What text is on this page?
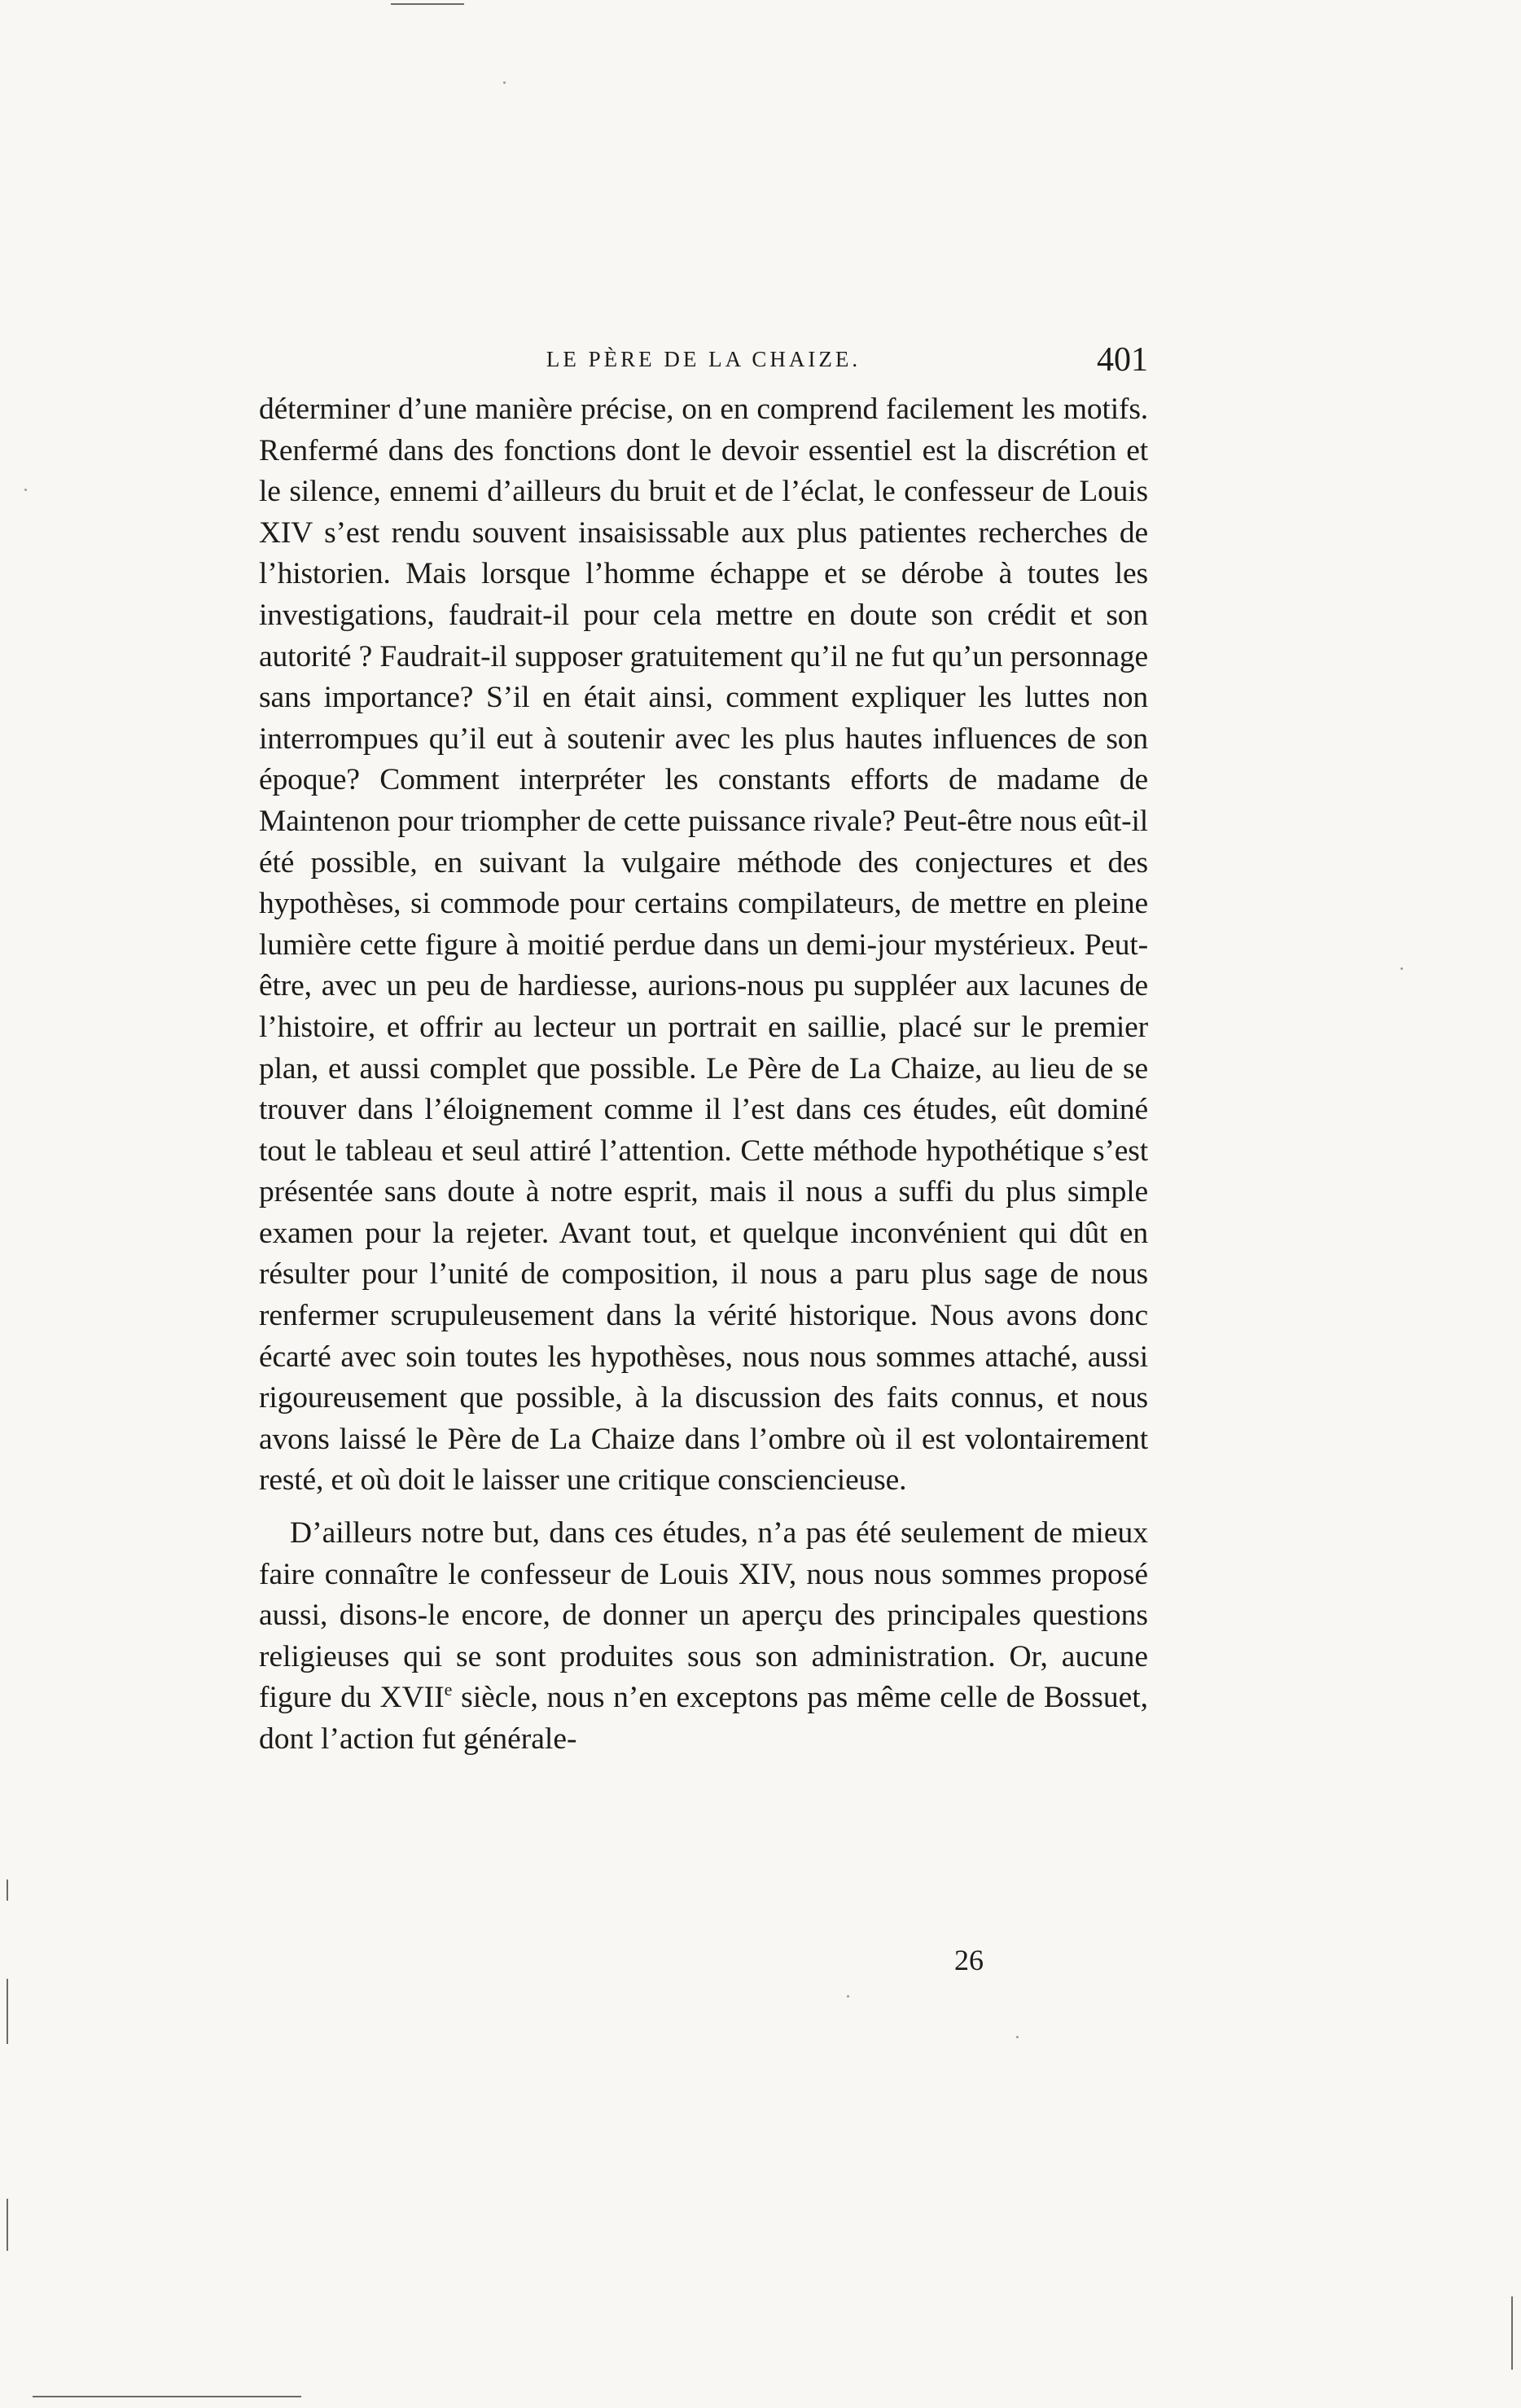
LE PÈRE DE LA CHAIZE.	401

déterminer d’une manière précise, on en comprend facilement les motifs. Renfermé dans des fonctions dont le devoir essentiel est la discrétion et le silence, ennemi d’ailleurs du bruit et de l’éclat, le confesseur de Louis XIV s’est rendu souvent insaisissable aux plus patientes recherches de l’historien. Mais lorsque l’homme échappe et se dérobe à toutes les investigations, faudrait-il pour cela mettre en doute son crédit et son autorité ? Faudrait-il supposer gratuitement qu’il ne fut qu’un personnage sans importance? S’il en était ainsi, comment expliquer les luttes non interrompues qu’il eut à soutenir avec les plus hautes influences de son époque? Comment interpréter les constants efforts de madame de Maintenon pour triompher de cette puissance rivale? Peut-être nous eût-il été possible, en suivant la vulgaire méthode des conjectures et des hypothèses, si commode pour certains compilateurs, de mettre en pleine lumière cette figure à moitié perdue dans un demi-jour mystérieux. Peut-être, avec un peu de hardiesse, aurions-nous pu suppléer aux lacunes de l’histoire, et offrir au lecteur un portrait en saillie, placé sur le premier plan, et aussi complet que possible. Le Père de La Chaize, au lieu de se trouver dans l’éloignement comme il l’est dans ces études, eût dominé tout le tableau et seul attiré l’attention. Cette méthode hypothétique s’est présentée sans doute à notre esprit, mais il nous a suffi du plus simple examen pour la rejeter. Avant tout, et quelque inconvénient qui dût en résulter pour l’unité de composition, il nous a paru plus sage de nous renfermer scrupuleusement dans la vérité historique. Nous avons donc écarté avec soin toutes les hypothèses, nous nous sommes attaché, aussi rigoureusement que possible, à la discussion des faits connus, et nous avons laissé le Père de La Chaize dans l’ombre où il est volontairement resté, et où doit le laisser une critique consciencieuse.

D’ailleurs notre but, dans ces études, n’a pas été seulement de mieux faire connaître le confesseur de Louis XIV, nous nous sommes proposé aussi, disons-le encore, de donner un aperçu des principales questions religieuses qui se sont produites sous son administration. Or, aucune figure du XVIIe siècle, nous n’en exceptons pas même celle de Bossuet, dont l’action fut générale-

26
